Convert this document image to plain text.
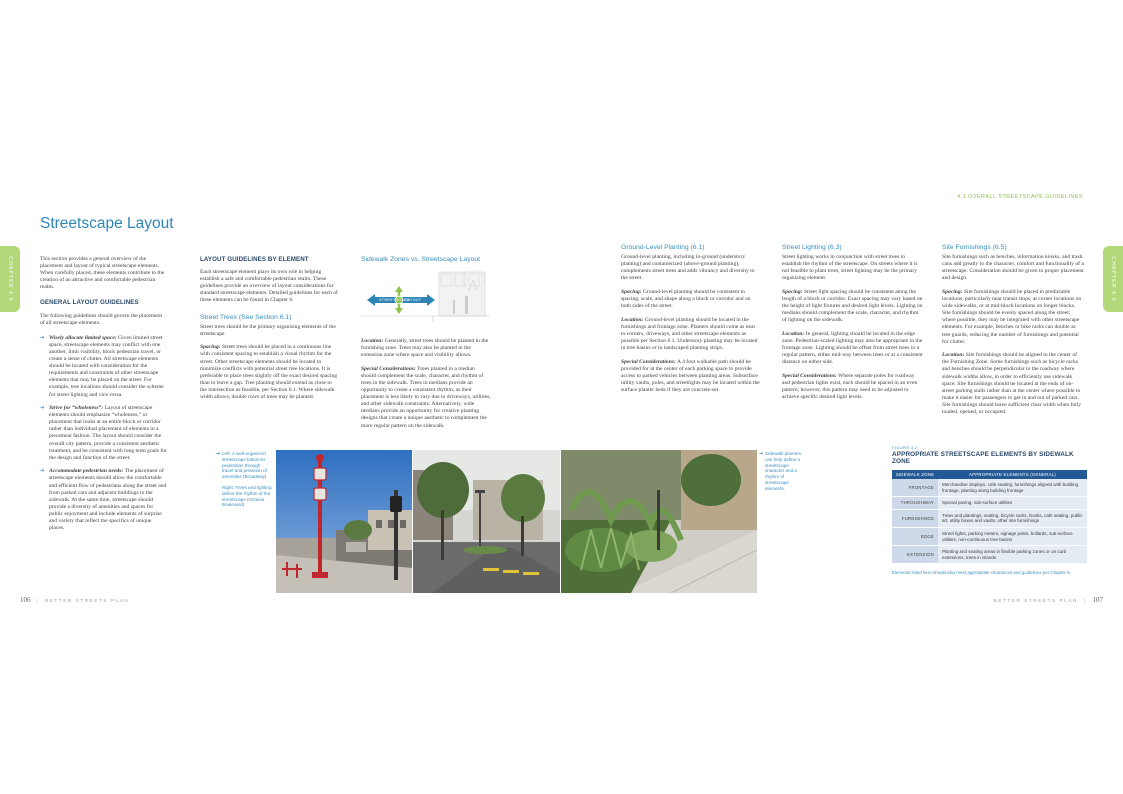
CHAPTER 4.0
Streetscape Layout

This section provides a general overview of the placement and layout of typical streetscape elements. When carefully placed, these elements contribute to the creation of an attractive and comfortable pedestrian realm.

GENERAL LAYOUT GUIDELINES

The following guidelines should govern the placement of all streetscape elements:

➔ Wisely allocate limited space: Given limited street space, streetscape elements may conflict with one another, limit visibility, block pedestrian travel, or create a sense of clutter. All streetscape elements should be located with consideration for the requirements and constraints of other streetscape elements that may be placed on the street. For example, tree locations should consider the scheme for street lighting and vice versa.
➔ Strive for “wholeness”: Layout of streetscape elements should emphasize “wholeness,” or placement that looks at an entire block or corridor rather than individual placement of elements in a piecemeal fashion. The layout should consider the overall city pattern, provide a consistent aesthetic treatment, and be consistent with long term goals for the design and function of the street.
➔ Accommodate pedestrian needs: The placement of streetscape elements should allow the comfortable and efficient flow of pedestrians along the street and from parked cars and adjacent buildings to the sidewalk. At the same time, streetscape should provide a diversity of amenities and spaces for public enjoyment and include elements of surprise and variety that reflect the specifics of unique places.
LAYOUT GUIDELINES BY ELEMENT

Each streetscape element plays its own role in helping establish a safe and comfortable pedestrian realm. These guidelines provide an overview of layout considerations for standard streetscape elements. Detailed guidelines for each of these elements can be found in Chapter 6.

Street Trees (See Section 6.1)

Street trees should be the primary organising elements of the streetscape

Spacing: Street trees should be placed in a continuous line with consistent spacing to establish a visual rhythm for the street. Other streetscape elements should be located to minimize conflicts with potential street tree locations. It is preferable to place trees slightly off the exact desired spacing than to leave a gap. Tree planting should extend as close to the intersection as feasible, per Section 6.1. Where sidewalk width allows, double rows of trees may be planted.

Sidewalk Zones vs. Streetscape Layout
STREETSCAPE
LAYOUT

Location: Generally, street trees should be planted in the furnishing zone. Trees may also be planted in the extension zone where space and visibility allows.

Special Considerations: Trees planted in a median should complement the scale, character, and rhythm of trees in the sidewalk. Trees in medians provide an opportunity to create a consistent rhythm, as their placement is less likely to vary due to driveways, utilities, and other sidewalk constraints. Alternatively, wide medians provide an opportunity for creative planting designs that create a unique aesthetic to complement the more regular pattern on the sidewalk.

➔ Left: A well-organized streetscape balances pedestrian through travel and provision of amenities (Broadway)
Right: Trees and lighting define the rhythm of the streetscape (Octavia Boulevard)
106 | BETTER STREETS PLAN
4.1 OVERALL STREETSCAPE GUIDELINES
CHAPTER 4.0
Ground-Level Planting (6.1)

Ground-level planting, including in-ground (understory planting) and containerized (above-ground planting), complements street trees and adds vibrancy and diversity to the street.

Spacing: Ground-level planting should be consistent in spacing, scale, and shape along a block or corridor and on both sides of the street.

Location: Ground-level planting should be located in the furnishings and frontage zone. Planters should come as near to corners, driveways, and other streetscape elements as possible per Section 6.1. Understory planting may be located in tree basins or in landscaped planting strips.

Special Considerations: A 4 foot walkable path should be provided for at the center of each parking space to provide access to parked vehicles between planting areas. Subsurface utility vaults, poles, and streetlights may be located within the surface planter beds if they are concrete-set.

Street Lighting (6.3)

Street lighting works in conjunction with street trees to establish the rhythm of the streetscape. On streets where it is not feasible to plant trees, street lighting may be the primary organizing element.

Spacing: Street light spacing should be consistent along the length of a block or corridor. Exact spacing may vary based on the height of light fixtures and desired light levels. Lighting on medians should complement the scale, character, and rhythm of lighting on the sidewalk.

Location: In general, lighting should be located in the edge zone. Pedestrian-scaled lighting may also be appropriate in the frontage zone. Lighting should be offset from street trees in a regular pattern, either mid-way between trees or at a consistent distance on either side.

Special Considerations: Where separate poles for roadway and pedestrian lights exist, each should be spaced in an even pattern; however, this pattern may need to be adjusted to achieve specific desired light levels.

Site Furnishings (6.5)

Site furnishings such as benches, information kiosks, and trash cans add greatly to the character, comfort and functionality of a streetscape. Consideration should be given to proper placement and design.

Spacing: Site furnishings should be placed in predictable locations, particularly near transit stops, at corner locations on wide sidewalks, or at mid-block locations on longer blocks. Site furnishings should be evenly spaced along the street; where possible, they may be integrated with other streetscape elements. For example, benches or bike racks can double as tree guards, reducing the number of furnishings and potential for clutter.

Location: Site furnishings should be aligned in the center of the Furnishing Zone. Some furnishings such as bicycle racks and benches should be perpendicular to the roadway where sidewalk widths allow, in order to efficiently use sidewalk space. Site furnishings should be located at the ends of on-street parking stalls rather than at the center where possible to make it easier for passengers to get in and out of parked cars. Site furnishings should leave sufficient clear width when fully loaded, opened, or occupied.

➔ Sidewalk planters can help define a streetscape character and a rhythm of streetscape elements.
FIGURE 4.2
APPROPRIATE STREETSCAPE ELEMENTS BY SIDEWALK ZONE
SIDEWALK ZONE	APPROPRIATE ELEMENTS (GENERAL)
FRONTAGE	Merchandise displays, cafe seating, furnishings aligned with building frontage, planting along building frontage
THROUGHWAY	Special paving, sub-surface utilities
FURNISHINGS	Trees and plantings, seating, bicycle racks, kiosks, cafe seating, public art, utility boxes and vaults, other site furnishings
EDGE	Street lights, parking meters, signage poles, bollards, sub-surface utilities, non-continuous tree basins
EXTENSION	Planting and seating areas in flexible parking zones or on curb extensions, trees in islands
Elements listed here should also meet appropriate clearances and guidelines per Chapter 6.
BETTER STREETS PLAN | 107
